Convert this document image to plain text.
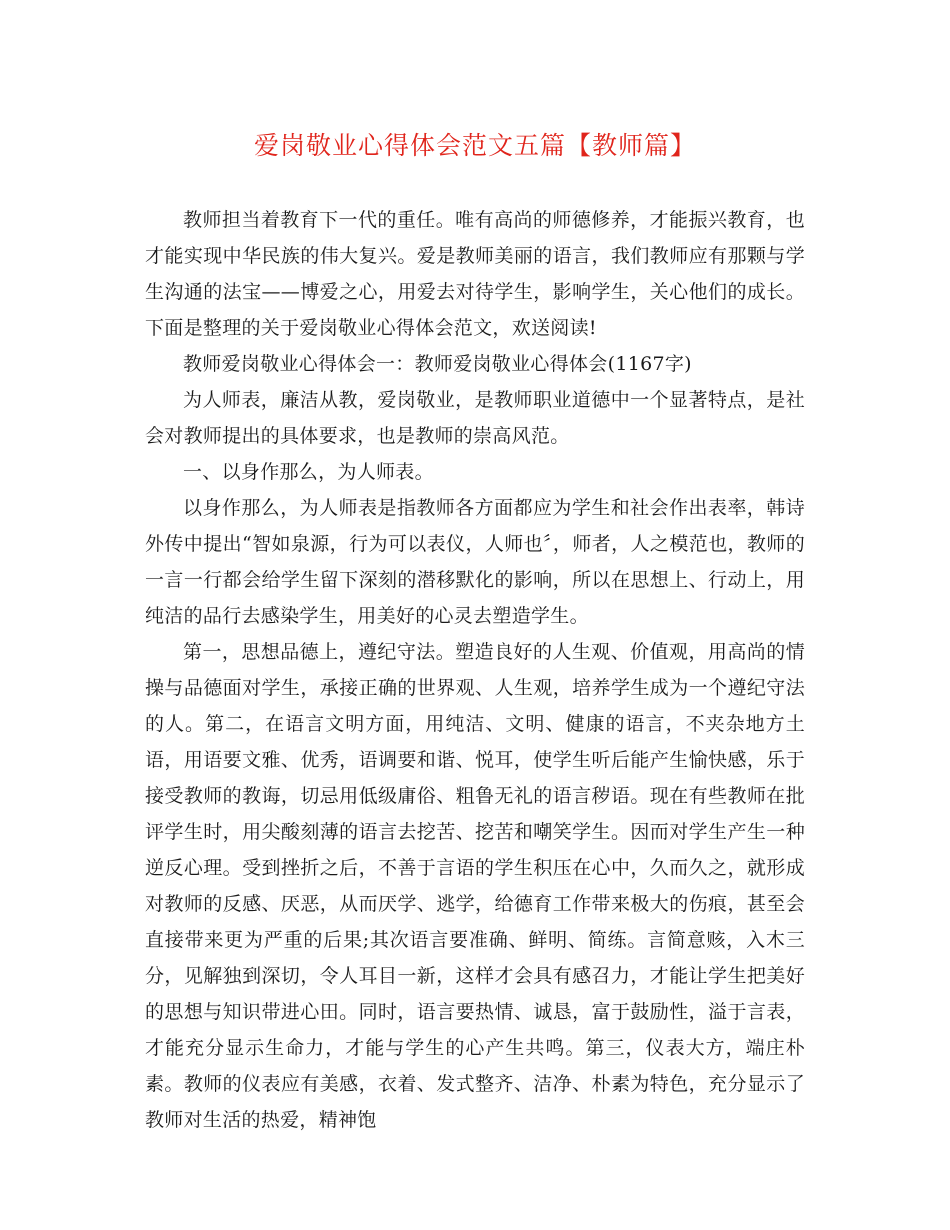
爱岗敬业心得体会范文五篇【教师篇】

教师担当着教育下一代的重任。唯有高尚的师德修养，才能振兴教育，也才能实现中华民族的伟大复兴。爱是教师美丽的语言，我们教师应有那颗与学生沟通的法宝——博爱之心，用爱去对待学生，影响学生，关心他们的成长。下面是整理的关于爱岗敬业心得体会范文，欢送阅读!

教师爱岗敬业心得体会一：教师爱岗敬业心得体会(1167字)

为人师表，廉洁从教，爱岗敬业，是教师职业道德中一个显著特点，是社会对教师提出的具体要求，也是教师的崇高风范。

一、以身作那么，为人师表。

以身作那么，为人师表是指教师各方面都应为学生和社会作出表率，韩诗外传中提出“智如泉源，行为可以表仪，人师也〞，师者，人之模范也，教师的一言一行都会给学生留下深刻的潜移默化的影响，所以在思想上、行动上，用纯洁的品行去感染学生，用美好的心灵去塑造学生。

第一，思想品德上，遵纪守法。塑造良好的人生观、价值观，用高尚的情操与品德面对学生，承接正确的世界观、人生观，培养学生成为一个遵纪守法的人。第二，在语言文明方面，用纯洁、文明、健康的语言，不夹杂地方土语，用语要文雅、优秀，语调要和谐、悦耳，使学生听后能产生愉快感，乐于接受教师的教诲，切忌用低级庸俗、粗鲁无礼的语言秽语。现在有些教师在批评学生时，用尖酸刻薄的语言去挖苦、挖苦和嘲笑学生。因而对学生产生一种逆反心理。受到挫折之后，不善于言语的学生积压在心中，久而久之，就形成对教师的反感、厌恶，从而厌学、逃学，给德育工作带来极大的伤痕，甚至会直接带来更为严重的后果;其次语言要准确、鲜明、简练。言简意赅，入木三分，见解独到深切，令人耳目一新，这样才会具有感召力，才能让学生把美好的思想与知识带进心田。同时，语言要热情、诚恳，富于鼓励性，溢于言表，才能充分显示生命力，才能与学生的心产生共鸣。第三，仪表大方，端庄朴素。教师的仪表应有美感，衣着、发式整齐、洁净、朴素为特色，充分显示了教师对生活的热爱，精神饱
